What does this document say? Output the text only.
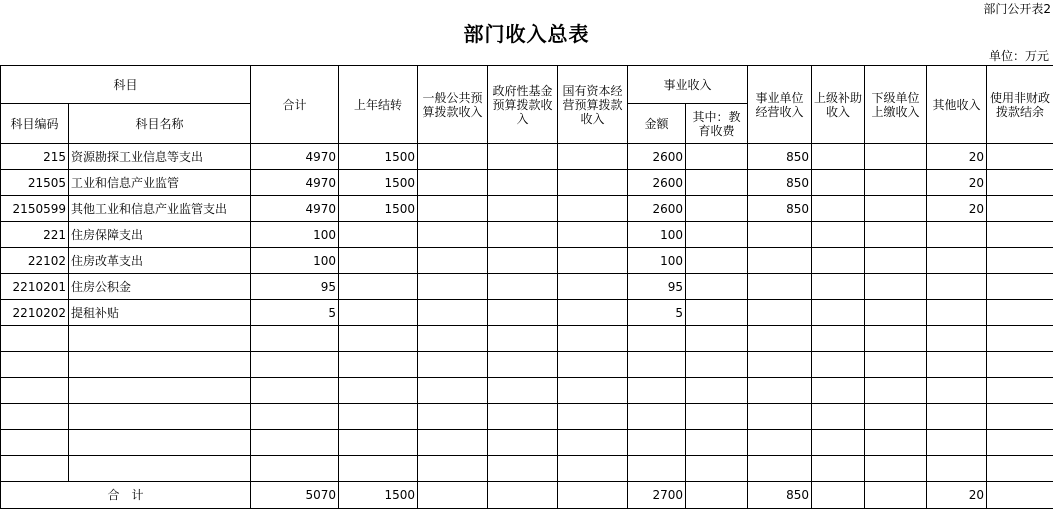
部门公开表2
部门收入总表
单位：万元
科目		合计	上年结转	一般公共预算拨款收入	政府性基金预算拨款收入	国有资本经营预算拨款收入	事业收入		事业单位经营收入	上级补助收入	下级单位上缴收入	其他收入	使用非财政拨款结余
科目编码	科目名称						金额	其中：教育收费					
215	资源勘探工业信息等支出	4970	1500				2600		850			20	
21505	工业和信息产业监管	4970	1500				2600		850			20	
2150599	其他工业和信息产业监管支出	4970	1500				2600		850			20	
221	住房保障支出	100					100						
22102	住房改革支出	100					100						
2210201	住房公积金	95					95						
2210202	提租补贴	5					5						

合　计		5070	1500				2700		850			20	
